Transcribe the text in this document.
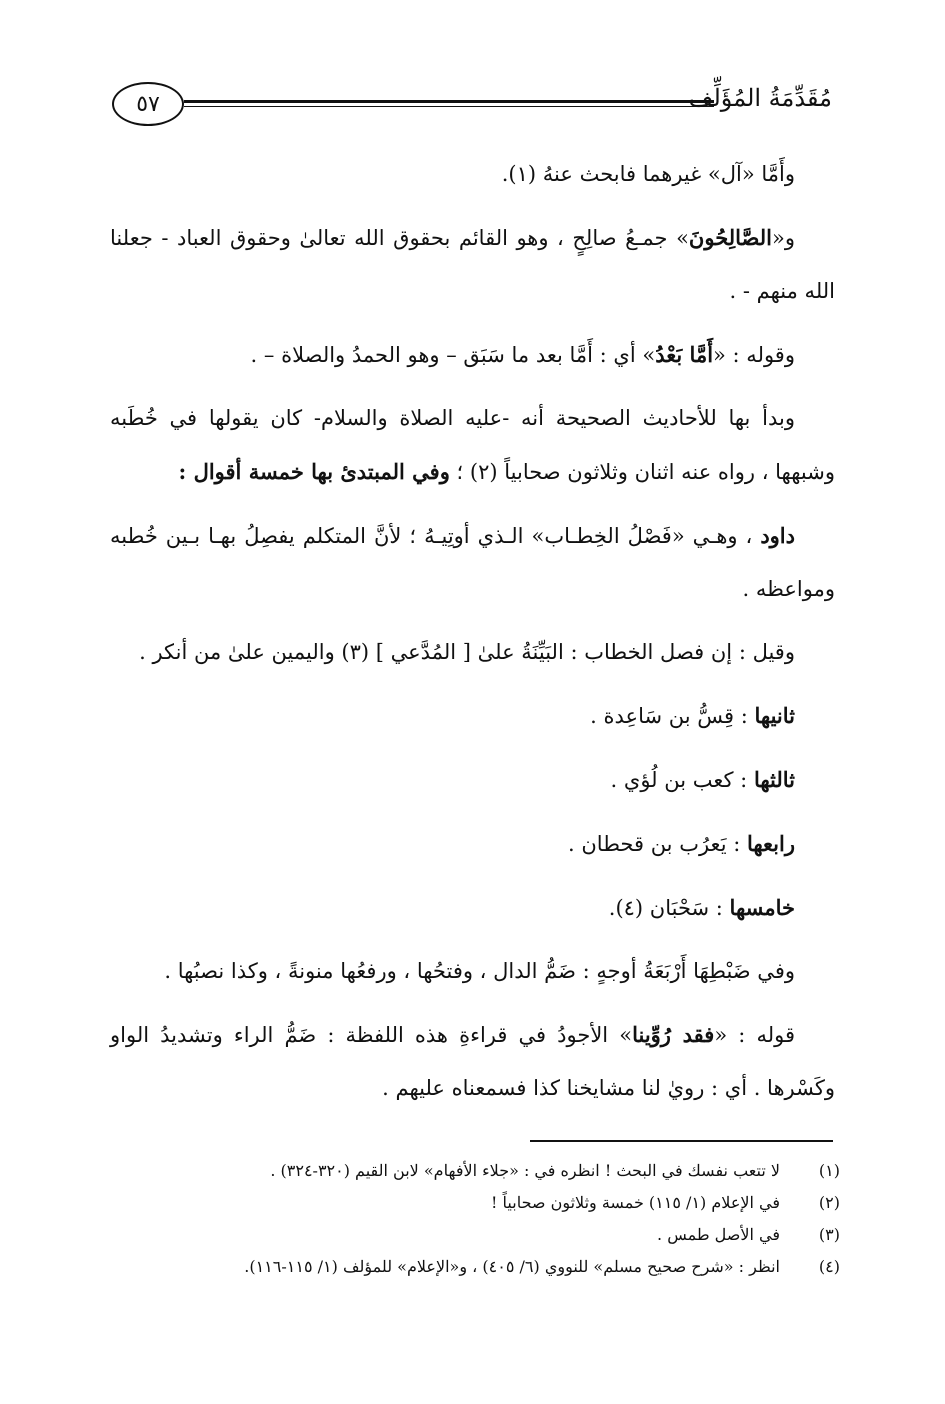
٥٧	مُقَدِّمَةُ المُؤَلِّف

وأَمَّا «آل» غيرهما فابحث عنهُ (١).

و«الصَّالِحُونَ» جمـعُ صالِحٍ ، وهو القائم بحقوق الله تعالىٰ وحقوق العباد - جعلنا الله منهم - .

وقوله : «أَمَّا بَعْدُ» أي : أَمَّا بعد ما سَبَق – وهو الحمدُ والصلاة – .

وبدأ بها للأحاديث الصحيحة أنه -عليه الصلاة والسلام- كان يقولها في خُطَبه وشبهها ، رواه عنه اثنان وثلاثون صحابياً (٢) ؛ وفي المبتدئ بها خمسة أقوال :

داود ، وهـي «فَصْلُ الخِطـاب» الـذي أوتِيـهُ ؛ لأنَّ المتكلم يفصِلُ بهـا بـين خُطبه ومواعظه .

وقيل : إن فصل الخطاب : البَيِّنَةُ علىٰ [ المُدَّعي ] (٣) واليمين علىٰ من أنكر .

ثانيها : قِسُّ بن سَاعِدة .

ثالثها : كعب بن لُؤي .

رابعها : يَعرُب بن قحطان .

خامسها : سَحْبَان (٤).

وفي ضَبْطِهَا أَرْبَعَةُ أوجهٍ : ضَمُّ الدال ، وفتحُها ، ورفعُها منونةً ، وكذا نصبُها .

قوله : «فقد رُوِّينا» الأجودُ في قراءةِ هذه اللفظة : ضَمُّ الراء وتشديدُ الواو وكَسْرها . أي : رويٰ لنا مشايخنا كذا فسمعناه عليهم .

(١)
لا تتعب نفسك في البحث ! انظره في : «جلاء الأفهام» لابن القيم (٣٢٠-٣٢٤) .
(٢)
في الإعلام (١/ ١١٥) خمسة وثلاثون صحابياً !
(٣)
في الأصل طمس .
(٤)
انظر : «شرح صحيح مسلم» للنووي (٦/ ٤٠٥) ، و«الإعلام» للمؤلف (١/ ١١٥-١١٦).
